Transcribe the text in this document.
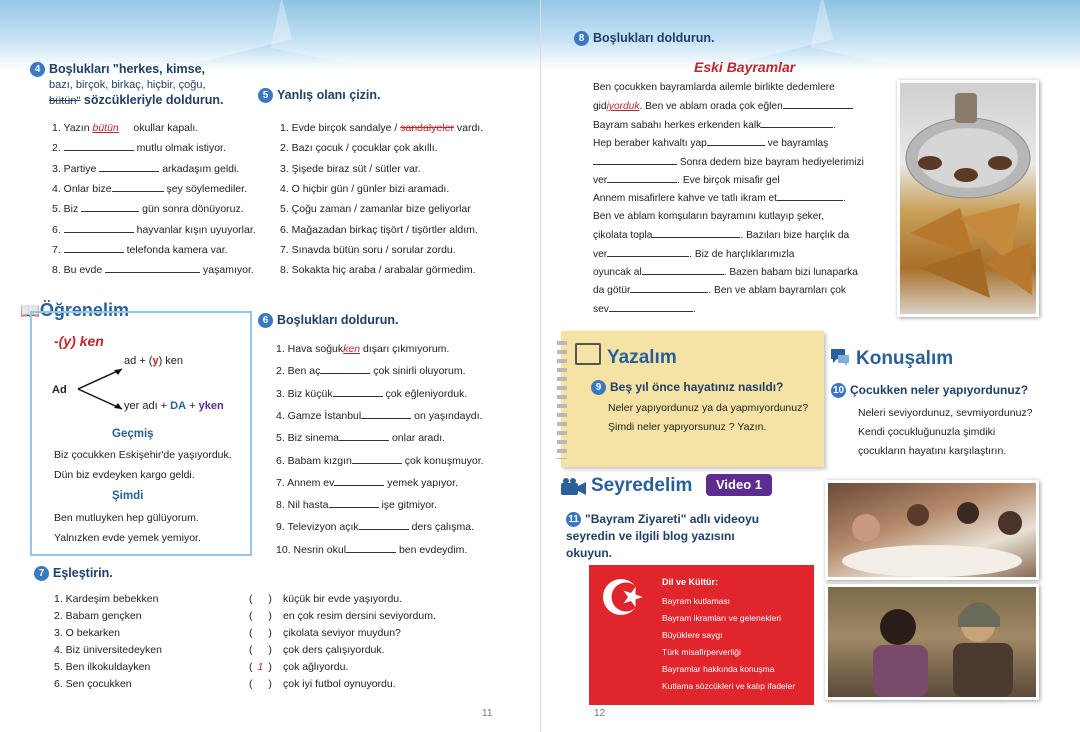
4 Boşlukları "herkes, kimse,
bazı, birçok, birkaç, hiçbir, çoğu,
bütün" sözcükleriyle doldurun.
1. Yazın bütün okullar kapalı.
2.	mutlu olmak istiyor.
3. Partiye	arkadaşım geldi.
4. Onlar bize	şey söylemediler.
5. Biz	gün sonra dönüyoruz.
6.	hayvanlar kışın uyuyorlar.
7.	telefonda kamera var.
8. Bu evde	yaşamıyor.
5 Yanlış olanı çizin.
1. Evde birçok sandalye / sandalyeler vardı.
2. Bazı çocuk / çocuklar çok akıllı.
3. Şişede biraz süt / sütler var.
4. O hiçbir gün / günler bizi aramadı.
5. Çoğu zaman / zamanlar bize geliyorlar
6. Mağazadan birkaç tişört / tişörtler aldım.
7. Sınavda bütün soru / sorular zordu.
8. Sokakta hiç araba / arabalar görmedim.
📖Öğrenelim
-(y) ken
Ad
ad + (y) ken
yer adı + DA + yken
Geçmiş
Biz çocukken Eskişehir'de yaşıyorduk.
Dün biz evdeyken kargo geldi.
Şimdi
Ben mutluyken hep gülüyorum.
Yalnızken evde yemek yemiyor.
6 Boşlukları doldurun.
1. Hava soğukken dışarı çıkmıyorum.
2. Ben aç	çok sinirli oluyorum.
3. Biz küçük	çok eğleniyorduk.
4. Gamze İstanbul	on yaşındaydı.
5. Biz sinema	onlar aradı.
6. Babam kızgın	çok konuşmuyor.
7. Annem ev	yemek yapıyor.
8. Nil hasta	işe gitmiyor.
9. Televizyon açık	ders çalışma.
10. Nesrin okul	ben evdeydim.
7 Eşleştirin.
1. Kardeşim bebekken	(  ) küçük bir evde yaşıyordu.
2. Babam gençken	(  ) en çok resim dersini seviyordum.
3. O bekarken	(  ) çikolata seviyor muydun?
4. Biz üniversitedeyken	(  ) çok ders çalışıyorduk.
5. Ben ilkokuldayken	( 1 ) çok ağlıyordu.
6. Sen çocukken	(  ) çok iyi futbol oynuyordu.
11
8 Boşlukları doldurun.
Eski Bayramlar
Ben çocukken bayramlarda ailemle birlikte dedemlere
gidiyorduk. Ben ve ablam orada çok eğlen
Bayram sabahı herkes erkenden kalk	.
Hep beraber kahvaltı yap	ve bayramlaş
Sonra dedem bize bayram hediyelerimizi
ver	. Eve birçok misafir gel
Annem misafirlere kahve ve tatlı ikram et	.
Ben ve ablam komşuların bayramını kutlayıp şeker,
çikolata topla	. Bazıları bize harçlık da
ver	. Biz de harçlıklarımızla
oyuncak al	. Bazen babam bizi lunaparka
da götür	. Ben ve ablam bayramları çok
sev	.
Yazalım
9 Beş yıl önce hayatınız nasıldı?
Neler yapıyordunuz ya da yapmıyordunuz?
Şimdi neler yapıyorsunuz ? Yazın.
Konuşalım
10 Çocukken neler yapıyordunuz?
Neleri seviyordunuz, sevmiyordunuz?
Kendi çocukluğunuzla şimdiki
çocukların hayatını karşılaştırın.
Seyredelim	Video 1
11 "Bayram Ziyareti" adlı videoyu
seyredin ve ilgili blog yazısını
okuyun.
Dil ve Kültür:
Bayram kutlaması
Bayram ikramları ve gelenekleri
Büyüklere saygı
Türk misafirperverliği
Bayramlar hakkında konuşma
Kutlama sözcükleri ve kalıp ifadeler
12
